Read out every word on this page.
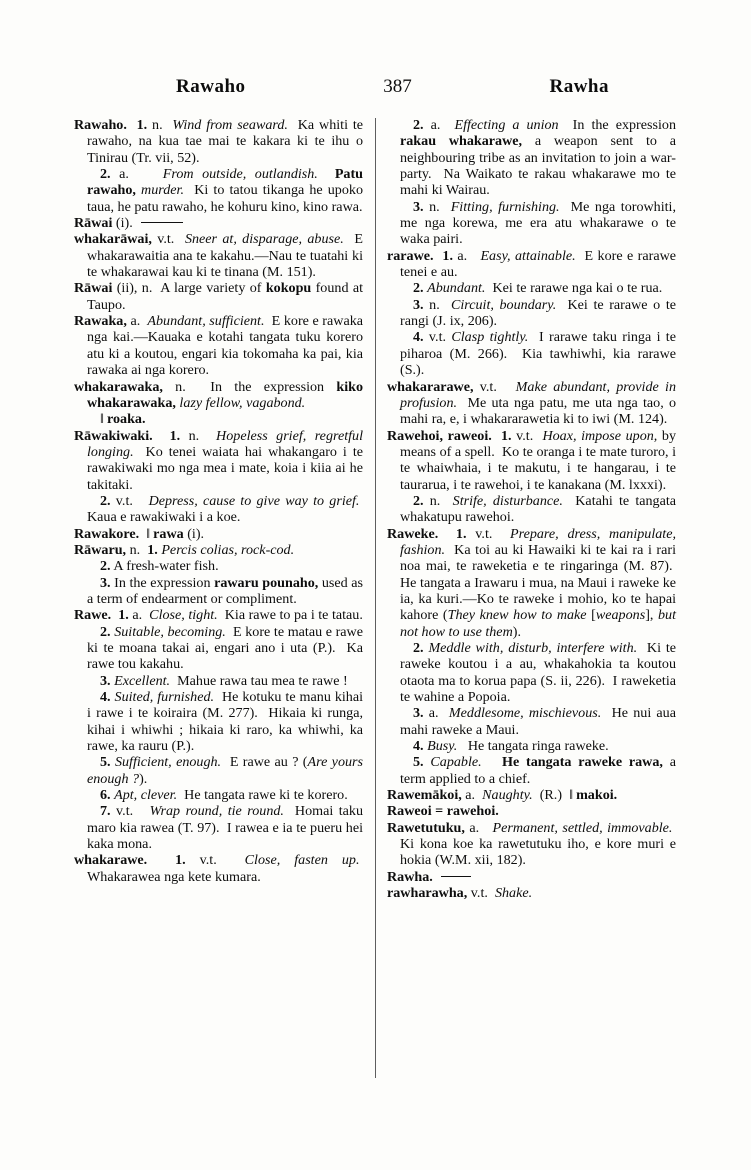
Rawaho	387	Rawha

Rawaho. 1. n.  Wind from seaward.  Ka whiti te rawaho, na kua tae mai te kakara ki te ihu o Tinirau (Tr. vii, 52).

2. a.    From outside, outlandish. Patu rawaho, murder.  Ki to tatou tikanga he upoko taua, he patu rawaho, he kohuru kino, kino rawa.

Rāwai (i).

whakarāwai, v.t.  Sneer at, disparage, abuse.  E whakarawaitia ana te kakahu.—Nau te tuatahi ki te whakarawai kau ki te tinana (M. 151).

Rāwai (ii), n.  A large variety of kokopu found at Taupo.

Rawaka, a.  Abundant, sufficient.  E kore e rawaka nga kai.—Kauaka e kotahi tangata tuku korero atu ki a koutou, engari kia tokomaha ka pai, kia rawaka ai nga korero.

whakarawaka, n.  In the expression kiko whakarawaka, lazy fellow, vagabond.

‖ roaka.

Rāwakiwaki. 1. n.  Hopeless grief, regretful longing.  Ko tenei waiata hai whakangaro i te rawakiwaki mo nga mea i mate, koia i kiia ai he takitaki.

2. v.t.   Depress, cause to give way to grief.  Kaua e rawakiwaki i a koe.

Rawakore. ‖ rawa (i).

Rāwaru, n.  1. Percis colias, rock-cod.

2. A fresh-water fish.

3. In the expression rawaru pounaho, used as a term of endearment or compliment.

Rawe. 1. a.  Close, tight.  Kia rawe to pa i te tatau.

2. Suitable, becoming.  E kore te matau e rawe ki te moana takai ai, engari ano i uta (P.).  Ka rawe tou kakahu.

3. Excellent.  Mahue rawa tau mea te rawe !

4. Suited, furnished.  He kotuku te manu kihai i rawe i te koiraira (M. 277).  Hikaia ki runga, kihai i whiwhi ; hikaia ki raro, ka whiwhi, ka rawe, ka rauru (P.).

5. Sufficient, enough.  E rawe au ? (Are yours enough ?).

6. Apt, clever.  He tangata rawe ki te korero.

7. v.t.   Wrap round, tie round.  Homai taku maro kia rawea (T. 97).  I rawea e ia te pueru hei kaka mona.

whakarawe. 1. v.t.  Close, fasten up.  Whakarawea nga kete kumara.

2. a.  Effecting a union  In the expression rakau whakarawe, a weapon sent to a neighbouring tribe as an invitation to join a war-party.  Na Waikato te rakau whakarawe mo te mahi ki Wairau.

3. n.  Fitting, furnishing.  Me nga torowhiti, me nga korewa, me era atu whakarawe o te waka pairi.

rarawe. 1. a.   Easy, attainable.  E kore e rarawe tenei e au.

2. Abundant.  Kei te rarawe nga kai o te rua.

3. n.  Circuit, boundary.  Kei te rarawe o te rangi (J. ix, 206).

4. v.t. Clasp tightly.  I rarawe taku ringa i te piharoa (M. 266).  Kia tawhiwhi, kia rarawe (S.).

whakararawe, v.t.   Make abundant, provide in profusion.  Me uta nga patu, me uta nga tao, o mahi ra, e, i whakararawetia ki to iwi (M. 124).

Rawehoi, raweoi. 1. v.t.  Hoax, impose upon, by means of a spell.  Ko te oranga i te mate turoro, i te whaiwhaia, i te makutu, i te hangarau, i te taurarua, i te rawehoi, i te kanakana (M. lxxxi).

2. n.  Strife, disturbance.  Katahi te tangata whakatupu rawehoi.

Raweke. 1. v.t.  Prepare, dress, manipulate, fashion.  Ka toi au ki Hawaiki ki te kai ra i rari noa mai, te raweketia e te ringaringa (M. 87).  He tangata a Irawaru i mua, na Maui i raweke ke ia, ka kuri.—Ko te raweke i mohio, ko te hapai kahore (They knew how to make [weapons], but not how to use them).

2. Meddle with, disturb, interfere with.  Ki te raweke koutou i a au, whakahokia ta koutou otaota ma to korua papa (S. ii, 226).  I raweketia te wahine a Popoia.

3. a.  Meddlesome, mischievous.  He nui aua mahi raweke a Maui.

4. Busy.   He tangata ringa raweke.

5. Capable. He tangata raweke rawa, a term applied to a chief.

Rawemākoi, a.  Naughty.  (R.)  ‖ makoi.

Raweoi = rawehoi.

Rawetutuku, a.   Permanent, settled, immovable.  Ki kona koe ka rawetutuku iho, e kore muri e hokia (W.M. xii, 182).

Rawha.

rawharawha, v.t.  Shake.
